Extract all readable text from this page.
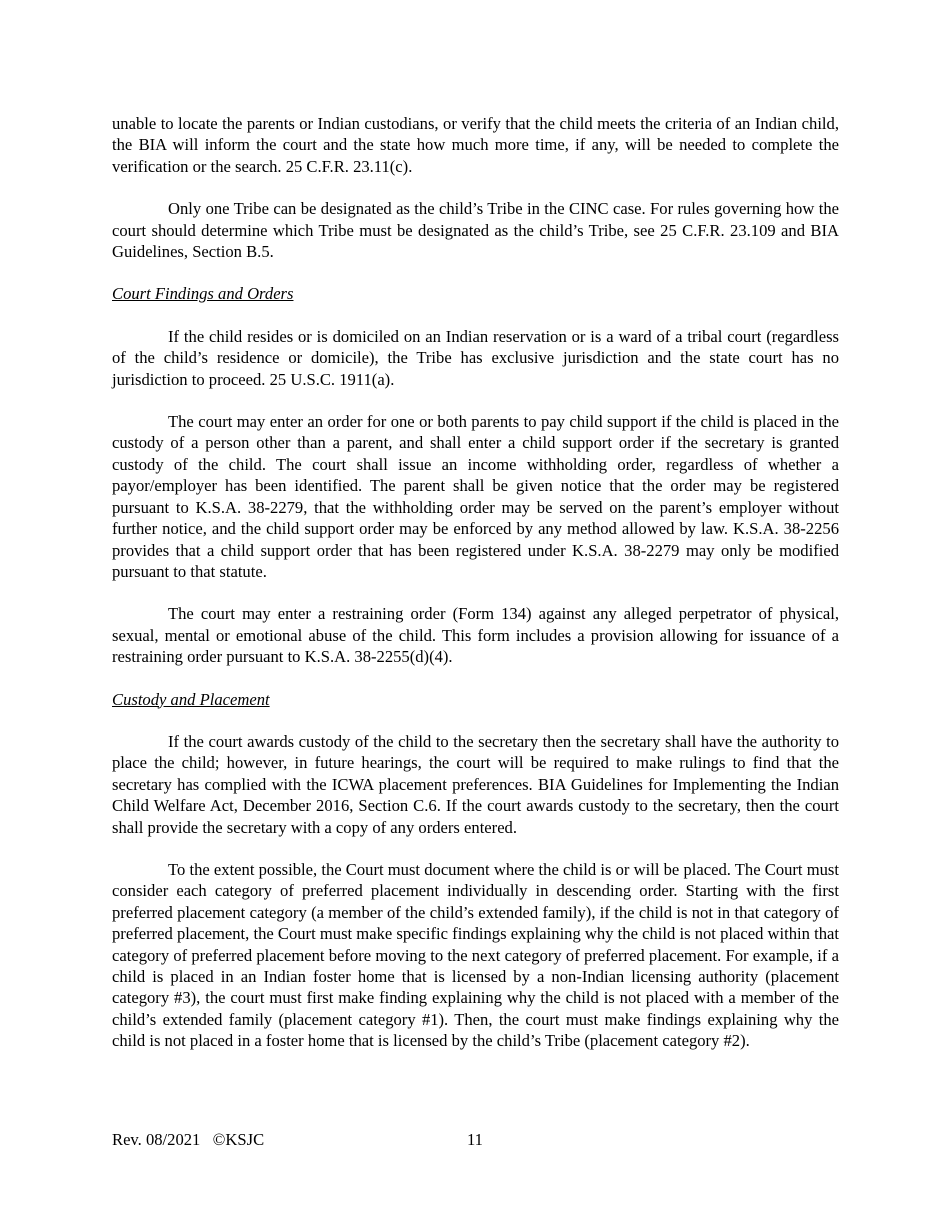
unable to locate the parents or Indian custodians, or verify that the child meets the criteria of an Indian child, the BIA will inform the court and the state how much more time, if any, will be needed to complete the verification or the search. 25 C.F.R. 23.11(c).

Only one Tribe can be designated as the child’s Tribe in the CINC case. For rules governing how the court should determine which Tribe must be designated as the child’s Tribe, see 25 C.F.R. 23.109 and BIA Guidelines, Section B.5.

Court Findings and Orders

If the child resides or is domiciled on an Indian reservation or is a ward of a tribal court (regardless of the child’s residence or domicile), the Tribe has exclusive jurisdiction and the state court has no jurisdiction to proceed. 25 U.S.C. 1911(a).

The court may enter an order for one or both parents to pay child support if the child is placed in the custody of a person other than a parent, and shall enter a child support order if the secretary is granted custody of the child. The court shall issue an income withholding order, regardless of whether a payor/employer has been identified. The parent shall be given notice that the order may be registered pursuant to K.S.A. 38-2279, that the withholding order may be served on the parent’s employer without further notice, and the child support order may be enforced by any method allowed by law. K.S.A. 38-2256 provides that a child support order that has been registered under K.S.A. 38-2279 may only be modified pursuant to that statute.

The court may enter a restraining order (Form 134) against any alleged perpetrator of physical, sexual, mental or emotional abuse of the child. This form includes a provision allowing for issuance of a restraining order pursuant to K.S.A. 38-2255(d)(4).

Custody and Placement

If the court awards custody of the child to the secretary then the secretary shall have the authority to place the child; however, in future hearings, the court will be required to make rulings to find that the secretary has complied with the ICWA placement preferences. BIA Guidelines for Implementing the Indian Child Welfare Act, December 2016, Section C.6. If the court awards custody to the secretary, then the court shall provide the secretary with a copy of any orders entered.

To the extent possible, the Court must document where the child is or will be placed. The Court must consider each category of preferred placement individually in descending order. Starting with the first preferred placement category (a member of the child’s extended family), if the child is not in that category of preferred placement, the Court must make specific findings explaining why the child is not placed within that category of preferred placement before moving to the next category of preferred placement. For example, if a child is placed in an Indian foster home that is licensed by a non-Indian licensing authority (placement category #3), the court must first make finding explaining why the child is not placed with a member of the child’s extended family (placement category #1). Then, the court must make findings explaining why the child is not placed in a foster home that is licensed by the child’s Tribe (placement category #2).

Rev. 08/2021   ©KSJC	11
